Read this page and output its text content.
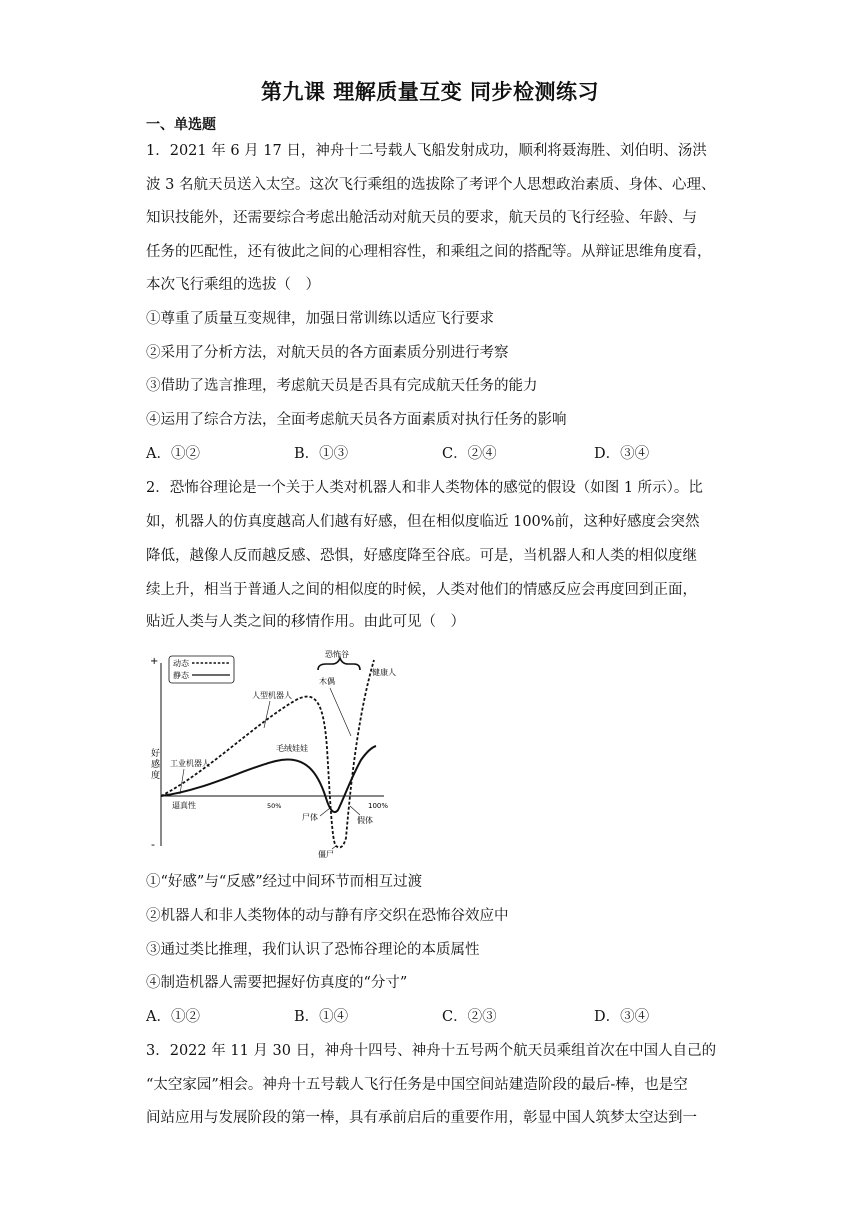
第九课 理解质量互变 同步检测练习
一、单选题
1．2021 年 6 月 17 日，神舟十二号载人飞船发射成功，顺利将聂海胜、刘伯明、汤洪
波 3 名航天员送入太空。这次飞行乘组的选拔除了考评个人思想政治素质、身体、心理、
知识技能外，还需要综合考虑出舱活动对航天员的要求，航天员的飞行经验、年龄、与
任务的匹配性，还有彼此之间的心理相容性，和乘组之间的搭配等。从辩证思维角度看，
本次飞行乘组的选拔（　）
①尊重了质量互变规律，加强日常训练以适应飞行要求
②采用了分析方法，对航天员的各方面素质分别进行考察
③借助了选言推理，考虑航天员是否具有完成航天任务的能力
④运用了综合方法，全面考虑航天员各方面素质对执行任务的影响
A．①②	B．①③	C．②④	D．③④
2．恐怖谷理论是一个关于人类对机器人和非人类物体的感觉的假设（如图 1 所示）。比
如，机器人的仿真度越高人们越有好感，但在相似度临近 100%前，这种好感度会突然
降低，越像人反而越反感、恐惧，好感度降至谷底。可是，当机器人和人类的相似度继
续上升，相当于普通人之间的相似度的时候，人类对他们的情感反应会再度回到正面，
贴近人类与人类之间的移情作用。由此可见（　）
+
-
动态
静态
好
感
度
逼真性	50%	100%
恐怖谷
工业机器人
人型机器人
毛绒娃娃
木偶
健康人
尸体	假体
僵尸
①“好感”与“反感”经过中间环节而相互过渡
②机器人和非人类物体的动与静有序交织在恐怖谷效应中
③通过类比推理，我们认识了恐怖谷理论的本质属性
④制造机器人需要把握好仿真度的“分寸”
A．①②	B．①④	C．②③	D．③④
3．2022 年 11 月 30 日，神舟十四号、神舟十五号两个航天员乘组首次在中国人自己的
“太空家园”相会。神舟十五号载人飞行任务是中国空间站建造阶段的最后-棒，也是空
间站应用与发展阶段的第一棒，具有承前启后的重要作用，彰显中国人筑梦太空达到一
